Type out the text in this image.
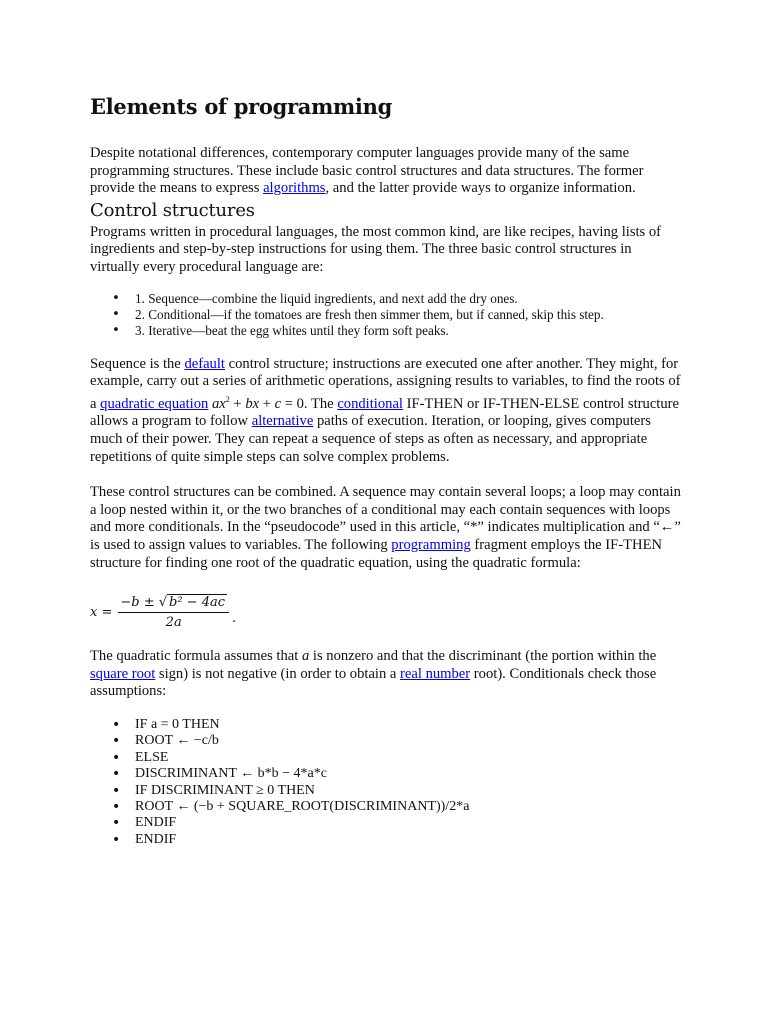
Elements of programming

Despite notational differences, contemporary computer languages provide many of the same programming structures. These include basic control structures and data structures. The former provide the means to express algorithms, and the latter provide ways to organize information.

Control structures

Programs written in procedural languages, the most common kind, are like recipes, having lists of ingredients and step-by-step instructions for using them. The three basic control structures in virtually every procedural language are:

• 1. Sequence—combine the liquid ingredients, and next add the dry ones.
• 2. Conditional—if the tomatoes are fresh then simmer them, but if canned, skip this step.
• 3. Iterative—beat the egg whites until they form soft peaks.

Sequence is the default control structure; instructions are executed one after another. They might, for example, carry out a series of arithmetic operations, assigning results to variables, to find the roots of a quadratic equation $ax^2$ + bx + c = 0. The conditional IF-THEN or IF-THEN-ELSE control structure allows a program to follow alternative paths of execution. Iteration, or looping, gives computers much of their power. They can repeat a sequence of steps as often as necessary, and appropriate repetitions of quite simple steps can solve complex problems.

These control structures can be combined. A sequence may contain several loops; a loop may contain a loop nested within it, or the two branches of a conditional may each contain sequences with loops and more conditionals. In the “pseudocode” used in this article, “*” indicates multiplication and “←” is used to assign values to variables. The following programming fragment employs the IF-THEN structure for finding one root of the quadratic equation, using the quadratic formula:

$x = \frac{\text{−b ± √ b² − 4ac}}{2a}$ .

The quadratic formula assumes that a is nonzero and that the discriminant (the portion within the square root sign) is not negative (in order to obtain a real number root). Conditionals check those assumptions:

• IF a = 0 THEN
• ROOT ← −c/b
• ELSE
• DISCRIMINANT ← b*b − 4*a*c
• IF DISCRIMINANT ≥ 0 THEN
• ROOT ← (−b + SQUARE_ROOT(DISCRIMINANT))/2*a
• ENDIF
• ENDIF
